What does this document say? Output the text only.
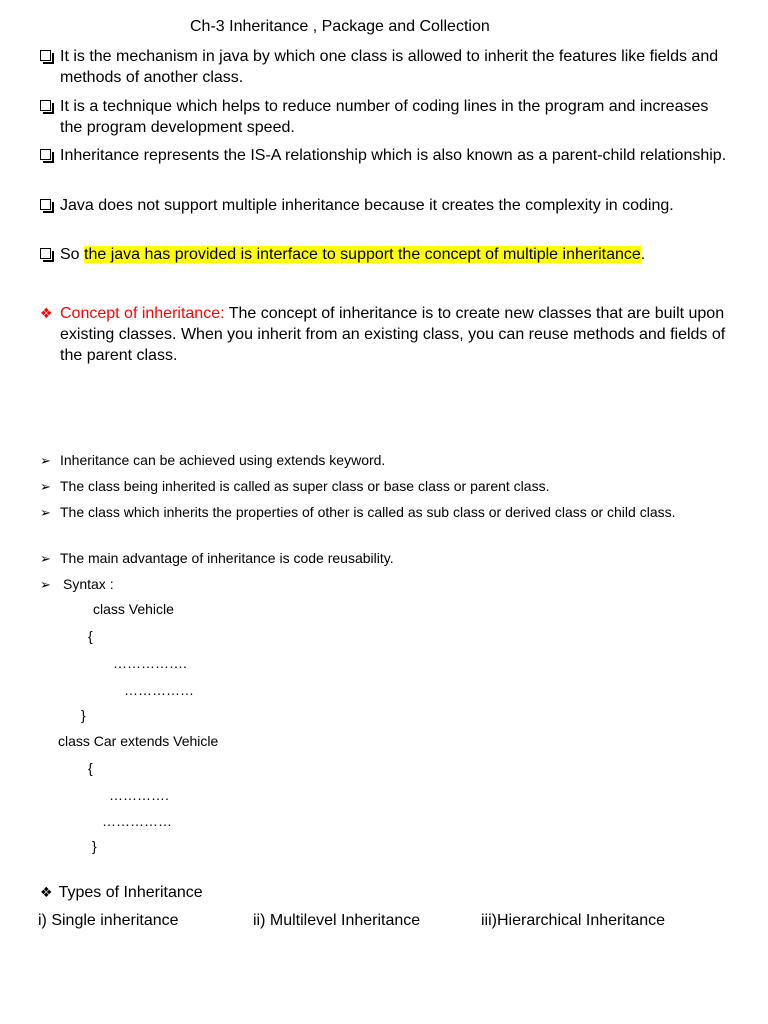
Ch-3 Inheritance , Package and Collection
It is the mechanism in java by which one class is allowed to inherit the features like fields and methods of another class.
It is a technique which helps to reduce number of coding lines in the program and increases the program development speed.
Inheritance represents the IS-A relationship which is also known as a parent-child relationship.
Java does not support multiple inheritance because it creates the complexity in coding.
So the java has provided is interface to support the concept of multiple inheritance.
❖ Concept of inheritance: The concept of inheritance is to create new classes that are built upon existing classes. When you inherit from an existing class, you can reuse methods and fields of the parent class.
➢ Inheritance can be achieved using extends keyword.
➢ The class being inherited is called as super class or base class or parent class.
➢ The class which inherits the properties of other is called as sub class or derived class or child class.
➢ The main advantage of inheritance is code reusability.
➢ Syntax :
class Vehicle
{
…………….
……………
}
class Car extends Vehicle
{
………….
……………
}
❖ Types of Inheritance
i) Single inheritance	ii) Multilevel Inheritance	iii)Hierarchical Inheritance
